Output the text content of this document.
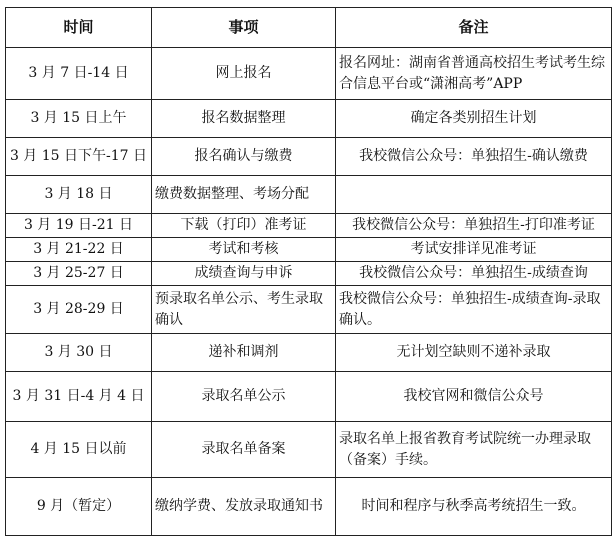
时间	事项	备注
3 月 7 日-14 日	网上报名	报名网址：湖南省普通高校招生考试考生综合信息平台或“潇湘高考”APP
3 月 15 日上午	报名数据整理	确定各类别招生计划
3 月 15 日下午-17 日	报名确认与缴费	我校微信公众号：单独招生-确认缴费
3 月 18 日	缴费数据整理、考场分配	
3 月 19 日-21 日	下载（打印）准考证	我校微信公众号：单独招生-打印准考证
3 月 21-22 日	考试和考核	考试安排详见准考证
3 月 25-27 日	成绩查询与申诉	我校微信公众号：单独招生-成绩查询
3 月 28-29 日	预录取名单公示、考生录取确认	我校微信公众号：单独招生-成绩查询-录取确认。
3 月 30 日	递补和调剂	无计划空缺则不递补录取
3 月 31 日-4 月 4 日	录取名单公示	我校官网和微信公众号
4 月 15 日以前	录取名单备案	录取名单上报省教育考试院统一办理录取（备案）手续。
9 月（暂定）	缴纳学费、发放录取通知书	时间和程序与秋季高考统招生一致。
